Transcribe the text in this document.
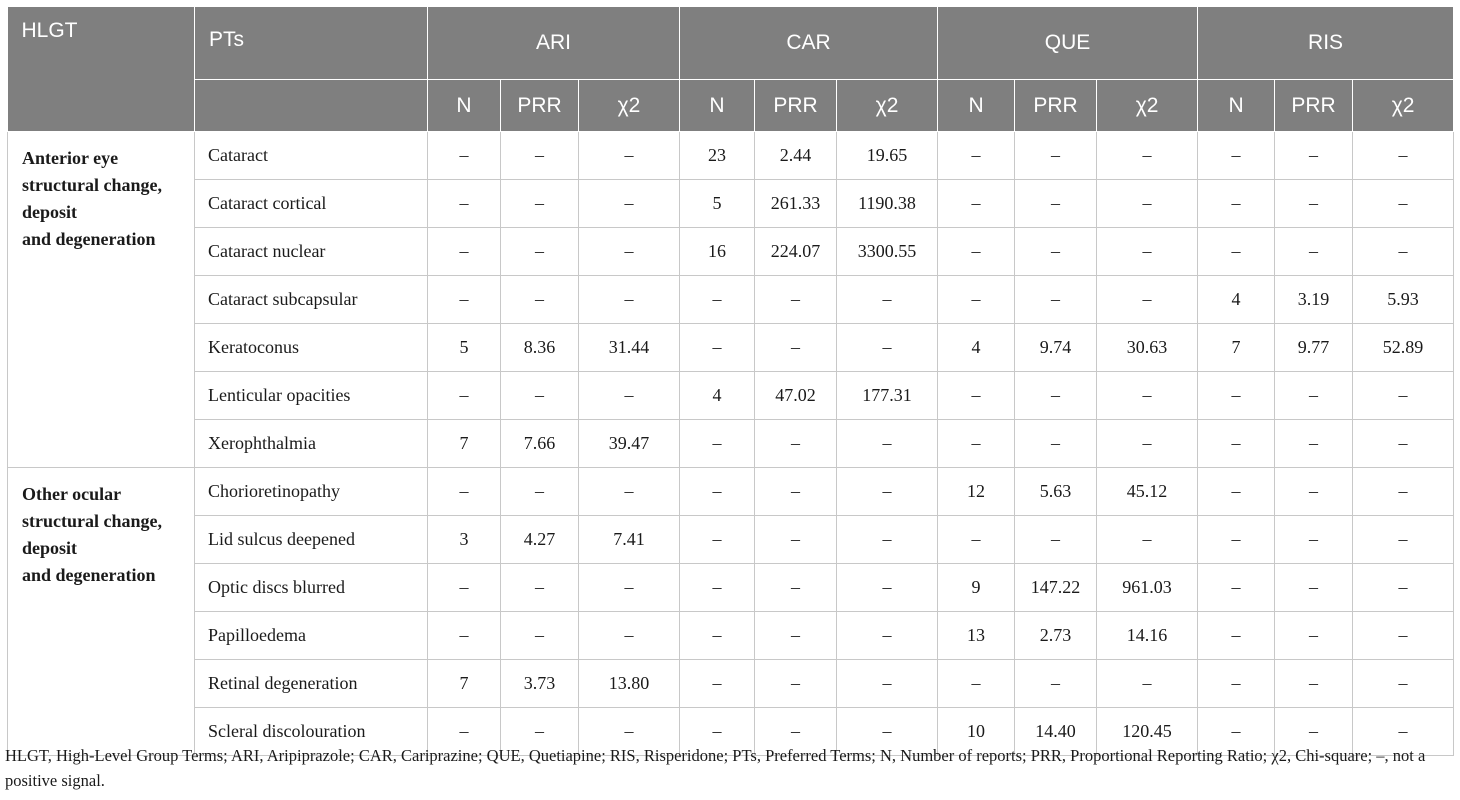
HLGT	PTs	ARI			CAR			QUE			RIS		
		N	PRR	χ2	N	PRR	χ2	N	PRR	χ2	N	PRR	χ2

Anterior eye
structural change,
deposit
and degeneration	Cataract	–	–	–	23	2.44	19.65	–	–	–	–	–	–
	Cataract cortical	–	–	–	5	261.33	1190.38	–	–	–	–	–	–
	Cataract nuclear	–	–	–	16	224.07	3300.55	–	–	–	–	–	–
	Cataract subcapsular	–	–	–	–	–	–	–	–	–	4	3.19	5.93
	Keratoconus	5	8.36	31.44	–	–	–	4	9.74	30.63	7	9.77	52.89
	Lenticular opacities	–	–	–	4	47.02	177.31	–	–	–	–	–	–
	Xerophthalmia	7	7.66	39.47	–	–	–	–	–	–	–	–	–

Other ocular
structural change,
deposit
and degeneration	Chorioretinopathy	–	–	–	–	–	–	12	5.63	45.12	–	–	–
	Lid sulcus deepened	3	4.27	7.41	–	–	–	–	–	–	–	–	–
	Optic discs blurred	–	–	–	–	–	–	9	147.22	961.03	–	–	–
	Papilloedema	–	–	–	–	–	–	13	2.73	14.16	–	–	–
	Retinal degeneration	7	3.73	13.80	–	–	–	–	–	–	–	–	–
	Scleral discolouration	–	–	–	–	–	–	10	14.40	120.45	–	–	–
HLGT, High-Level Group Terms; ARI, Aripiprazole; CAR, Cariprazine; QUE, Quetiapine; RIS, Risperidone; PTs, Preferred Terms; N, Number of reports; PRR, Proportional Reporting Ratio; χ2, Chi-square; –, not a positive signal.
